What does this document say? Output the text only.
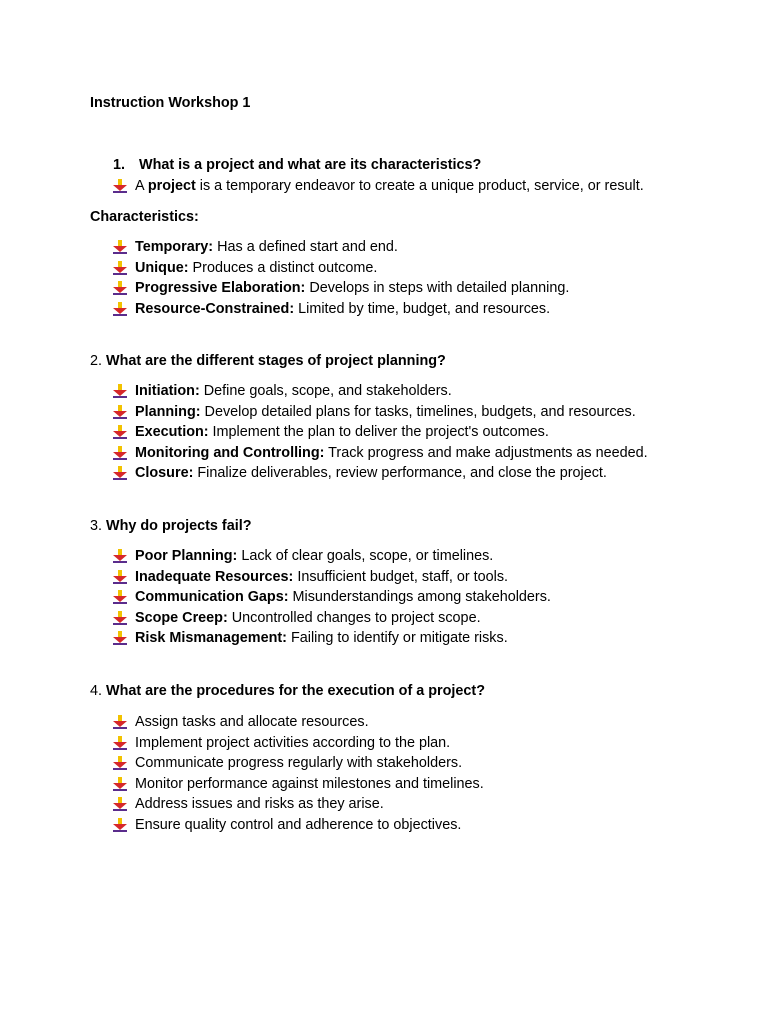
Instruction Workshop 1
1. What is a project and what are its characteristics?
A project is a temporary endeavor to create a unique product, service, or result.
Characteristics:
Temporary: Has a defined start and end.
Unique: Produces a distinct outcome.
Progressive Elaboration: Develops in steps with detailed planning.
Resource-Constrained: Limited by time, budget, and resources.
2. What are the different stages of project planning?
Initiation: Define goals, scope, and stakeholders.
Planning: Develop detailed plans for tasks, timelines, budgets, and resources.
Execution: Implement the plan to deliver the project's outcomes.
Monitoring and Controlling: Track progress and make adjustments as needed.
Closure: Finalize deliverables, review performance, and close the project.
3. Why do projects fail?
Poor Planning: Lack of clear goals, scope, or timelines.
Inadequate Resources: Insufficient budget, staff, or tools.
Communication Gaps: Misunderstandings among stakeholders.
Scope Creep: Uncontrolled changes to project scope.
Risk Mismanagement: Failing to identify or mitigate risks.
4. What are the procedures for the execution of a project?
Assign tasks and allocate resources.
Implement project activities according to the plan.
Communicate progress regularly with stakeholders.
Monitor performance against milestones and timelines.
Address issues and risks as they arise.
Ensure quality control and adherence to objectives.
